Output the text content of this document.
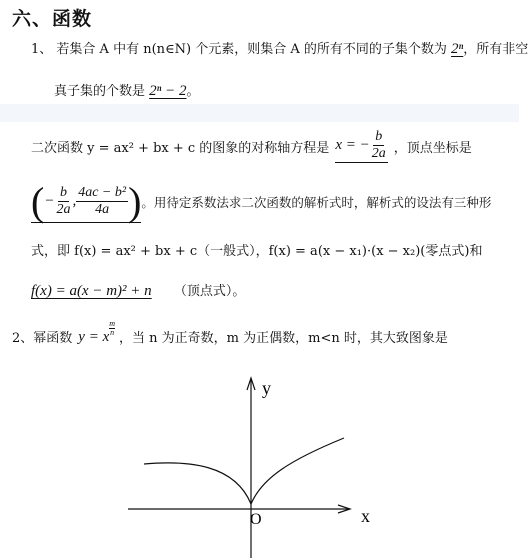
六、函数
1、 若集合 A 中有 n(n∈N) 个元素，则集合 A 的所有不同的子集个数为 2ⁿ，所有非空
真子集的个数是 2ⁿ − 2。
二次函数 y = ax² + bx + c 的图象的对称轴方程是 x = − $\frac{b}{2a}$ ，顶点坐标是
( − $\frac{b}{2a}$ , $\frac{\text{4ac − b²}}{4a}$ ) 。用待定系数法求二次函数的解析式时，解析式的设法有三种形
式，即 f(x) = ax² + bx + c（一般式），f(x) = a(x − x₁)·(x − x₂)(零点式)和
f(x) = a(x − m)² + n （顶点式）。
2、 幂函数 y = x $\frac{m}{n}$
，当 n 为正奇数，m 为正偶数，m<n 时，其大致图象是
y
x
O
